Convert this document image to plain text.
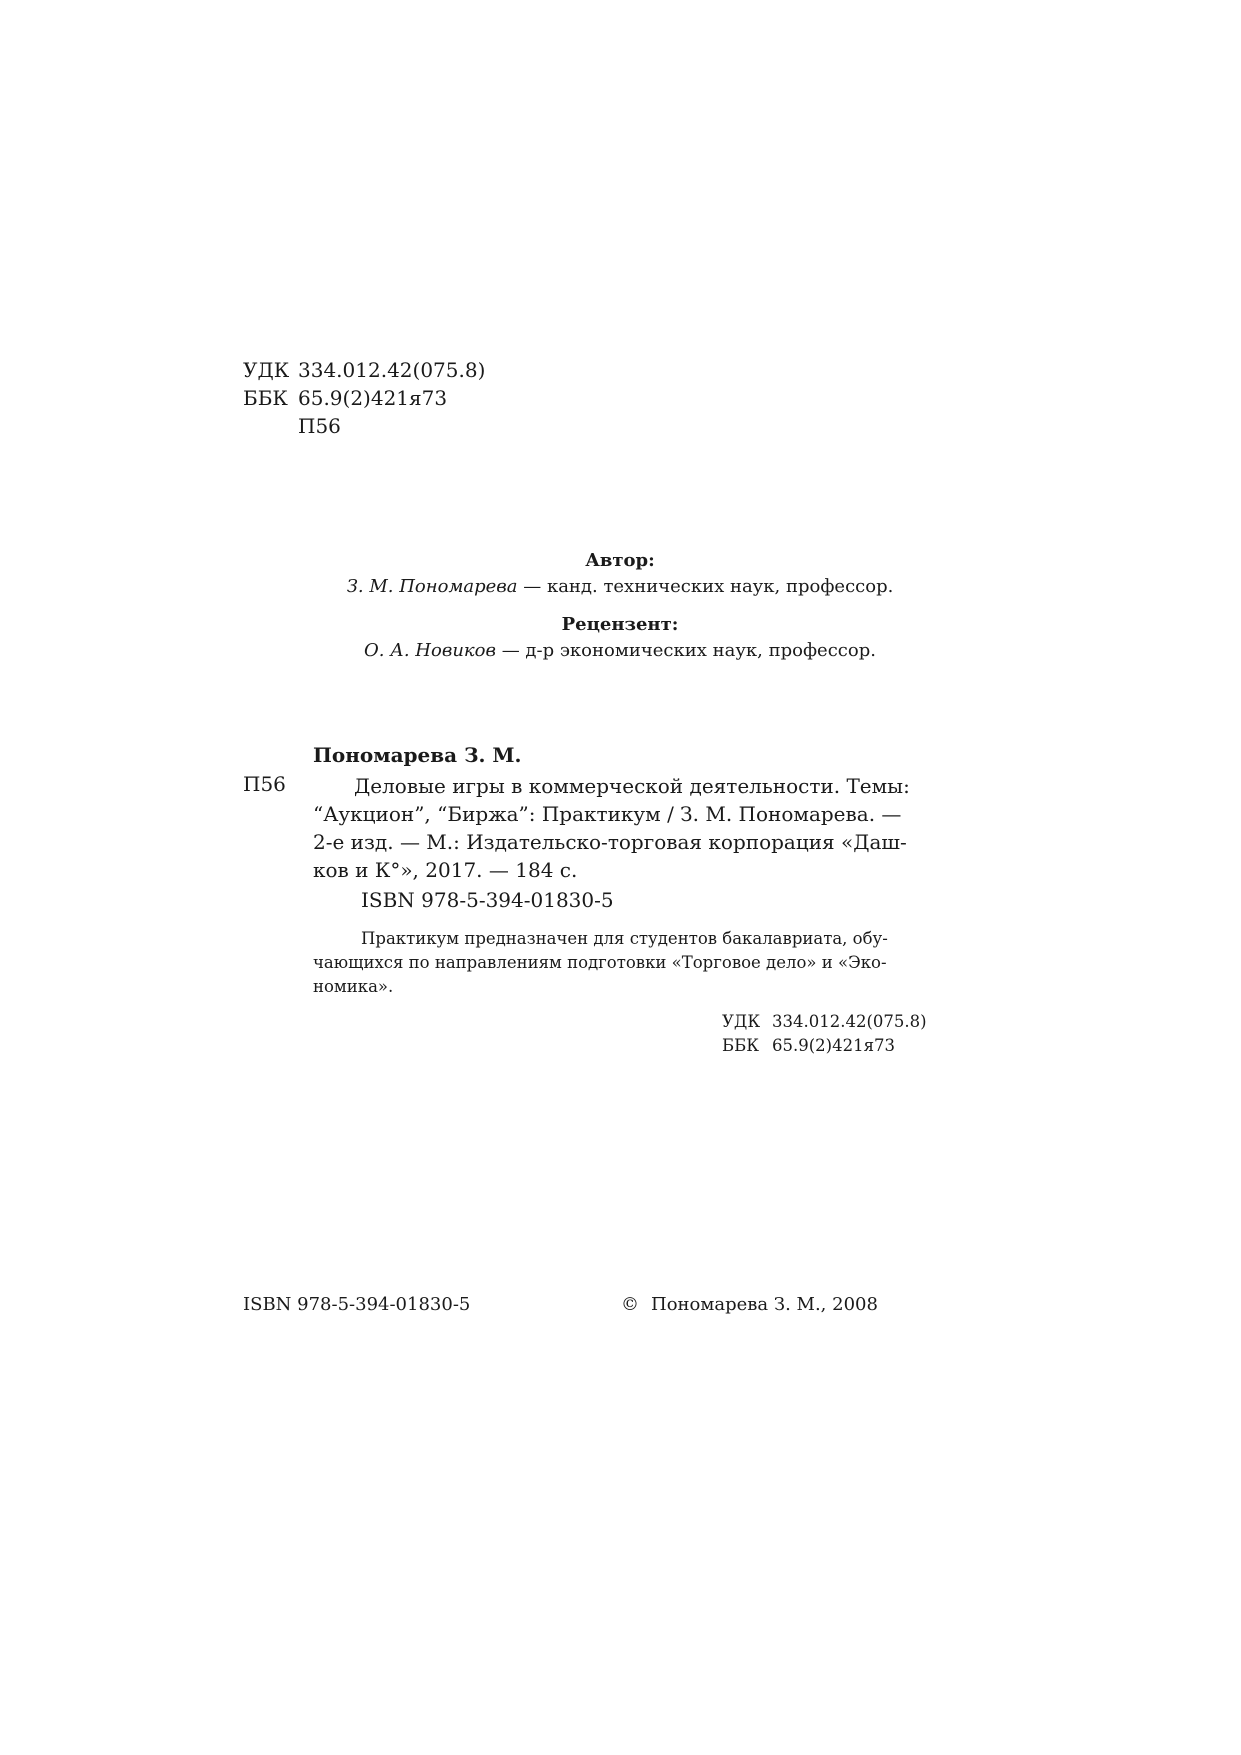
УДК 334.012.42(075.8)
ББК 65.9(2)421я73
П56
Автор:
З. М. Пономарева — канд. технических наук, профессор.
Рецензент:
О. А. Новиков — д-р экономических наук, профессор.
Пономарева З. М.
П56	Деловые игры в коммерческой деятельности. Темы:
“Аукцион”, “Биржа”: Практикум / З. М. Пономарева. —
2-е изд. — М.: Издательско-торговая корпорация «Даш-
ков и К°», 2017. — 184 с.
ISBN 978-5-394-01830-5
Практикум предназначен для студентов бакалавриата, обу-
чающихся по направлениям подготовки «Торговое дело» и «Эко-
номика».
УДК 334.012.42(075.8)
ББК 65.9(2)421я73
ISBN 978-5-394-01830-5	© Пономарева З. М., 2008
